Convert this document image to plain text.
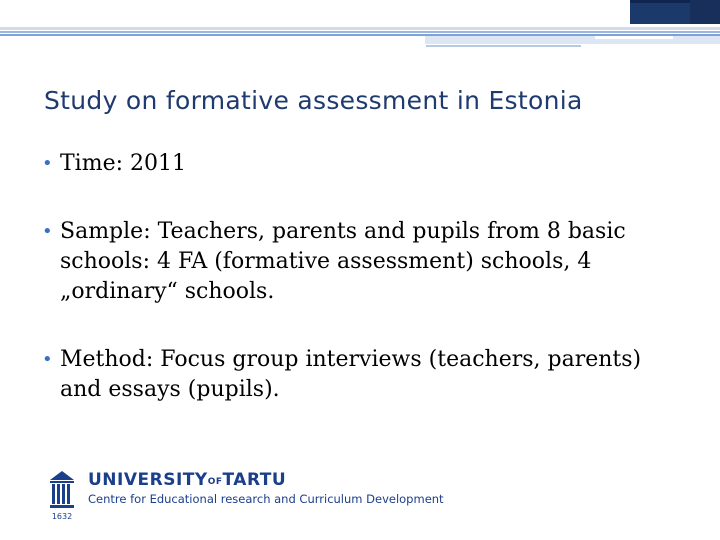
Study on formative assessment in Estonia
• Time: 2011
• Sample: Teachers, parents and pupils from 8 basic schools: 4 FA (formative assessment) schools, 4 „ordinary“ schools.
• Method: Focus group interviews (teachers, parents) and essays (pupils).
1632
UNIVERSITYOFTARTU
Centre for Educational research and Curriculum Development
